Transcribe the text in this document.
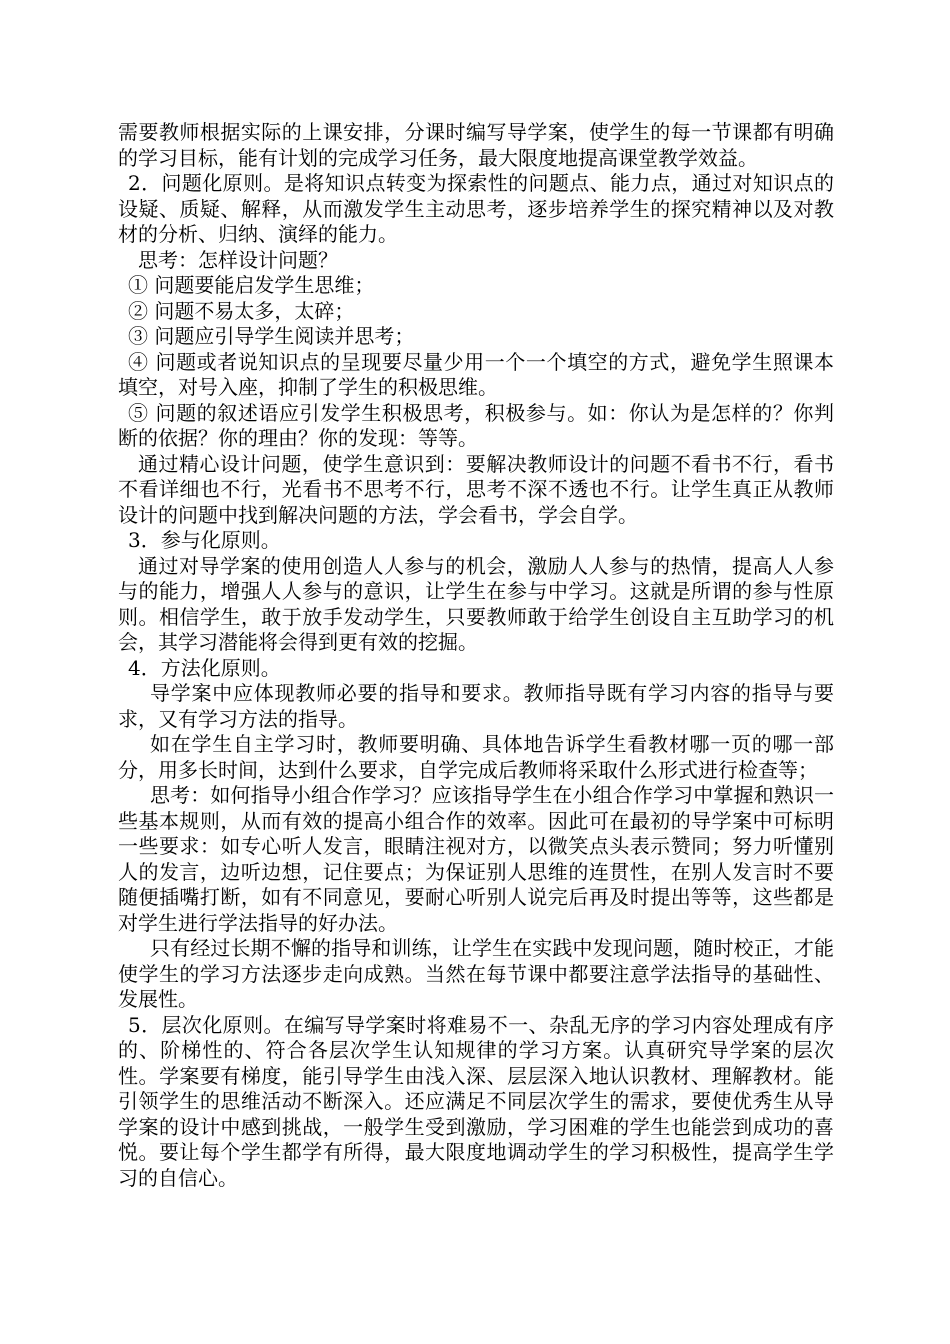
需要教师根据实际的上课安排，分课时编写导学案，使学生的每一节课都有明确的学习目标，能有计划的完成学习任务，最大限度地提高课堂教学效益。

2．问题化原则。是将知识点转变为探索性的问题点、能力点，通过对知识点的设疑、质疑、解释，从而激发学生主动思考，逐步培养学生的探究精神以及对教材的分析、归纳、演绎的能力。

思考：怎样设计问题？

① 问题要能启发学生思维；

② 问题不易太多，太碎；

③ 问题应引导学生阅读并思考；

④ 问题或者说知识点的呈现要尽量少用一个一个填空的方式，避免学生照课本填空，对号入座，抑制了学生的积极思维。

⑤ 问题的叙述语应引发学生积极思考，积极参与。如：你认为是怎样的？你判断的依据？你的理由？你的发现：等等。

通过精心设计问题，使学生意识到：要解决教师设计的问题不看书不行，看书不看详细也不行，光看书不思考不行，思考不深不透也不行。让学生真正从教师设计的问题中找到解决问题的方法，学会看书，学会自学。

3．参与化原则。

通过对导学案的使用创造人人参与的机会，激励人人参与的热情，提高人人参与的能力，增强人人参与的意识，让学生在参与中学习。这就是所谓的参与性原则。相信学生，敢于放手发动学生，只要教师敢于给学生创设自主互助学习的机会，其学习潜能将会得到更有效的挖掘。

4．方法化原则。

导学案中应体现教师必要的指导和要求。教师指导既有学习内容的指导与要求，又有学习方法的指导。

如在学生自主学习时，教师要明确、具体地告诉学生看教材哪一页的哪一部分，用多长时间，达到什么要求，自学完成后教师将采取什么形式进行检查等；

思考：如何指导小组合作学习？应该指导学生在小组合作学习中掌握和熟识一些基本规则，从而有效的提高小组合作的效率。因此可在最初的导学案中可标明一些要求：如专心听人发言，眼睛注视对方，以微笑点头表示赞同；努力听懂别人的发言，边听边想，记住要点；为保证别人思维的连贯性，在别人发言时不要随便插嘴打断，如有不同意见，要耐心听别人说完后再及时提出等等，这些都是对学生进行学法指导的好办法。

只有经过长期不懈的指导和训练，让学生在实践中发现问题，随时校正，才能使学生的学习方法逐步走向成熟。当然在每节课中都要注意学法指导的基础性、发展性。

5．层次化原则。在编写导学案时将难易不一、杂乱无序的学习内容处理成有序的、阶梯性的、符合各层次学生认知规律的学习方案。认真研究导学案的层次性。学案要有梯度，能引导学生由浅入深、层层深入地认识教材、理解教材。能引领学生的思维活动不断深入。还应满足不同层次学生的需求，要使优秀生从导学案的设计中感到挑战，一般学生受到激励，学习困难的学生也能尝到成功的喜悦。要让每个学生都学有所得，最大限度地调动学生的学习积极性，提高学生学习的自信心。
